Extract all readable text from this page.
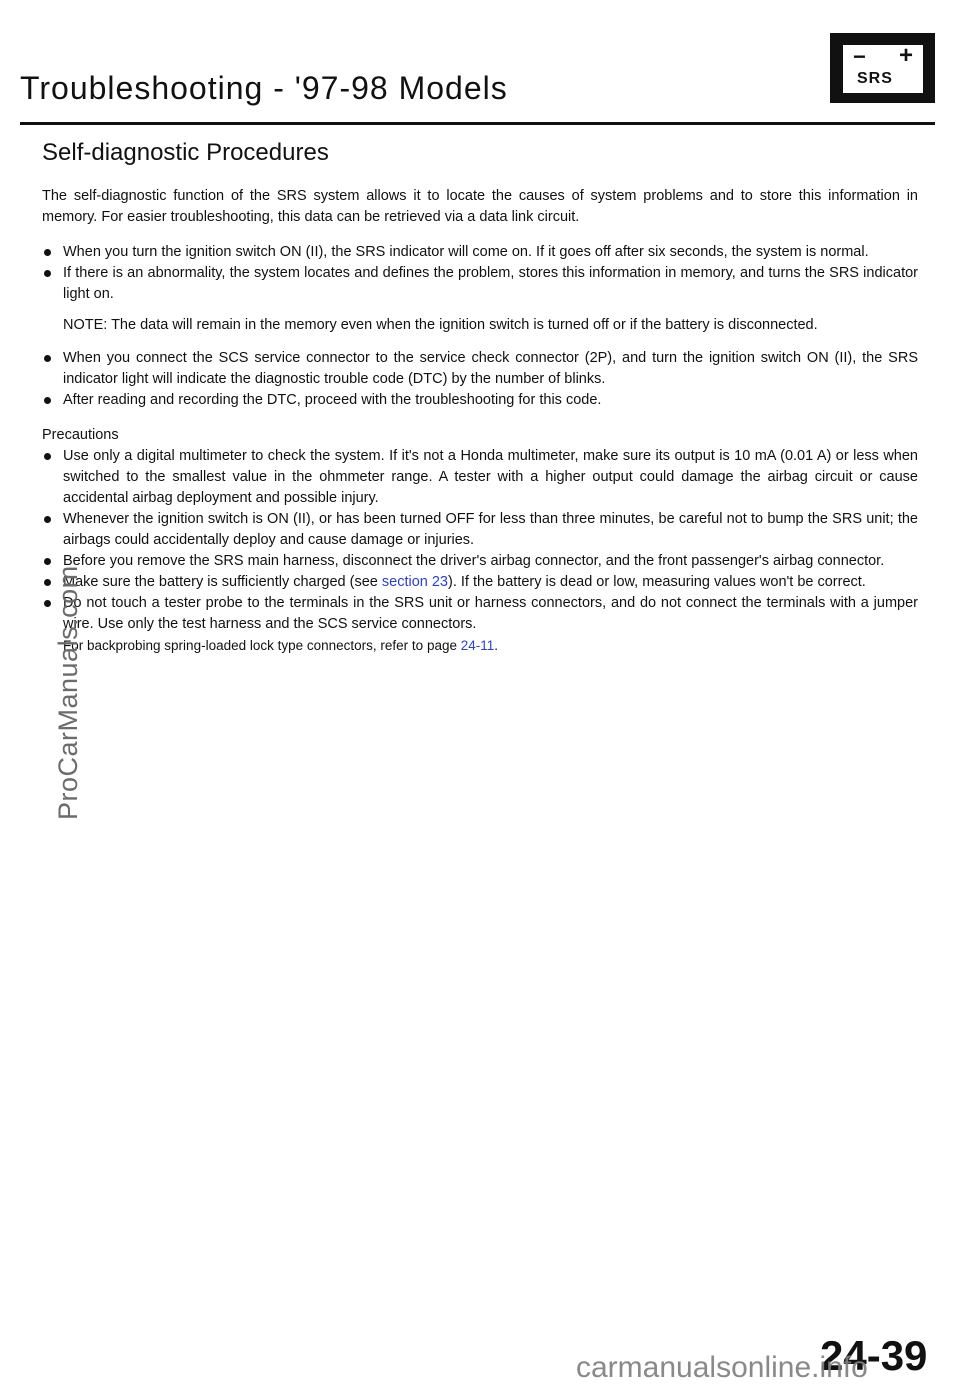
Troubleshooting - '97-98 Models
− +
SRS
Self-diagnostic Procedures

The self-diagnostic function of the SRS system allows it to locate the causes of system problems and to store this information in memory. For easier troubleshooting, this data can be retrieved via a data link circuit.

When you turn the ignition switch ON (II), the SRS indicator will come on. If it goes off after six seconds, the system is normal.
If there is an abnormality, the system locates and defines the problem, stores this information in memory, and turns the SRS indicator light on.

NOTE: The data will remain in the memory even when the ignition switch is turned off or if the battery is disconnected.

When you connect the SCS service connector to the service check connector (2P), and turn the ignition switch ON (II), the SRS indicator light will indicate the diagnostic trouble code (DTC) by the number of blinks.
After reading and recording the DTC, proceed with the troubleshooting for this code.

Precautions

Use only a digital multimeter to check the system. If it's not a Honda multimeter, make sure its output is 10 mA (0.01 A) or less when switched to the smallest value in the ohmmeter range. A tester with a higher output could damage the airbag circuit or cause accidental airbag deployment and possible injury.
Whenever the ignition switch is ON (II), or has been turned OFF for less than three minutes, be careful not to bump the SRS unit; the airbags could accidentally deploy and cause damage or injuries.
Before you remove the SRS main harness, disconnect the driver's airbag connector, and the front passenger's airbag connector.
Make sure the battery is sufficiently charged (see section 23). If the battery is dead or low, measuring values won't be correct.
Do not touch a tester probe to the terminals in the SRS unit or harness connectors, and do not connect the terminals with a jumper wire. Use only the test harness and the SCS service connectors.
For backprobing spring-loaded lock type connectors, refer to page 24-11.
ProCarManuals.com
24-39
carmanualsonline.info
